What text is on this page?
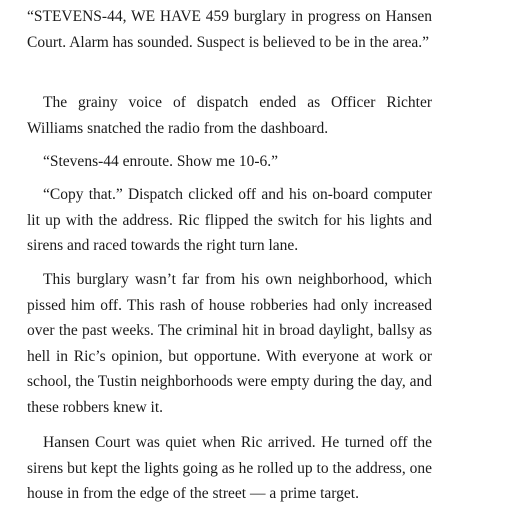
“STEVENS-44, WE HAVE 459 burglary in progress on Hansen Court. Alarm has sounded. Suspect is believed to be in the area.”

The grainy voice of dispatch ended as Officer Richter Williams snatched the radio from the dashboard.

“Stevens-44 enroute. Show me 10-6.”

“Copy that.” Dispatch clicked off and his on-board computer lit up with the address. Ric flipped the switch for his lights and sirens and raced towards the right turn lane.

This burglary wasn’t far from his own neighborhood, which pissed him off. This rash of house robberies had only increased over the past weeks. The criminal hit in broad daylight, ballsy as hell in Ric’s opinion, but opportune. With everyone at work or school, the Tustin neighborhoods were empty during the day, and these robbers knew it.

Hansen Court was quiet when Ric arrived. He turned off the sirens but kept the lights going as he rolled up to the address, one house in from the edge of the street — a prime target.
